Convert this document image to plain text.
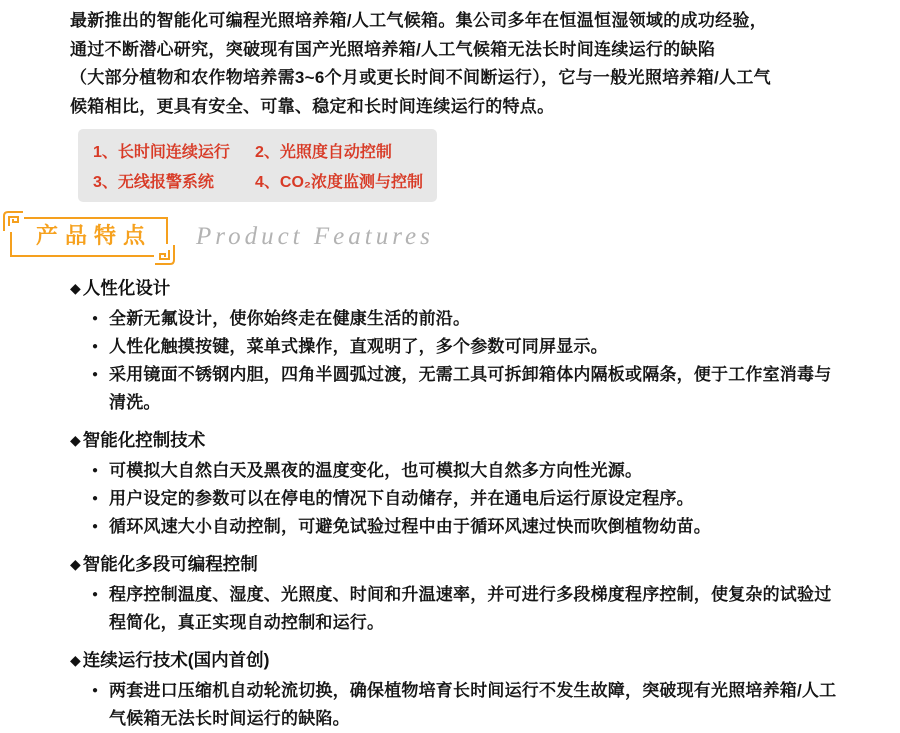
最新推出的智能化可编程光照培养箱/人工气候箱。集公司多年在恒温恒湿领域的成功经验，
通过不断潜心研究，突破现有国产光照培养箱/人工气候箱无法长时间连续运行的缺陷
（大部分植物和农作物培养需3~6个月或更长时间不间断运行），它与一般光照培养箱/人工气
候箱相比，更具有安全、可靠、稳定和长时间连续运行的特点。
1、长时间连续运行	2、光照度自动控制
3、无线报警系统	4、CO₂浓度监测与控制
产品特点	Product Features
◆ 人性化设计
● 全新无氟设计，使你始终走在健康生活的前沿。
● 人性化触摸按键，菜单式操作，直观明了，多个参数可同屏显示。
● 采用镜面不锈钢内胆，四角半圆弧过渡，无需工具可拆卸箱体内隔板或隔条，便于工作室消毒与清洗。
◆ 智能化控制技术
● 可模拟大自然白天及黑夜的温度变化，也可模拟大自然多方向性光源。
● 用户设定的参数可以在停电的情况下自动储存，并在通电后运行原设定程序。
● 循环风速大小自动控制，可避免试验过程中由于循环风速过快而吹倒植物幼苗。
◆ 智能化多段可编程控制
● 程序控制温度、湿度、光照度、时间和升温速率，并可进行多段梯度程序控制，使复杂的试验过程简化，真正实现自动控制和运行。
◆ 连续运行技术(国内首创)
● 两套进口压缩机自动轮流切换，确保植物培育长时间运行不发生故障，突破现有光照培养箱/人工气候箱无法长时间运行的缺陷。
